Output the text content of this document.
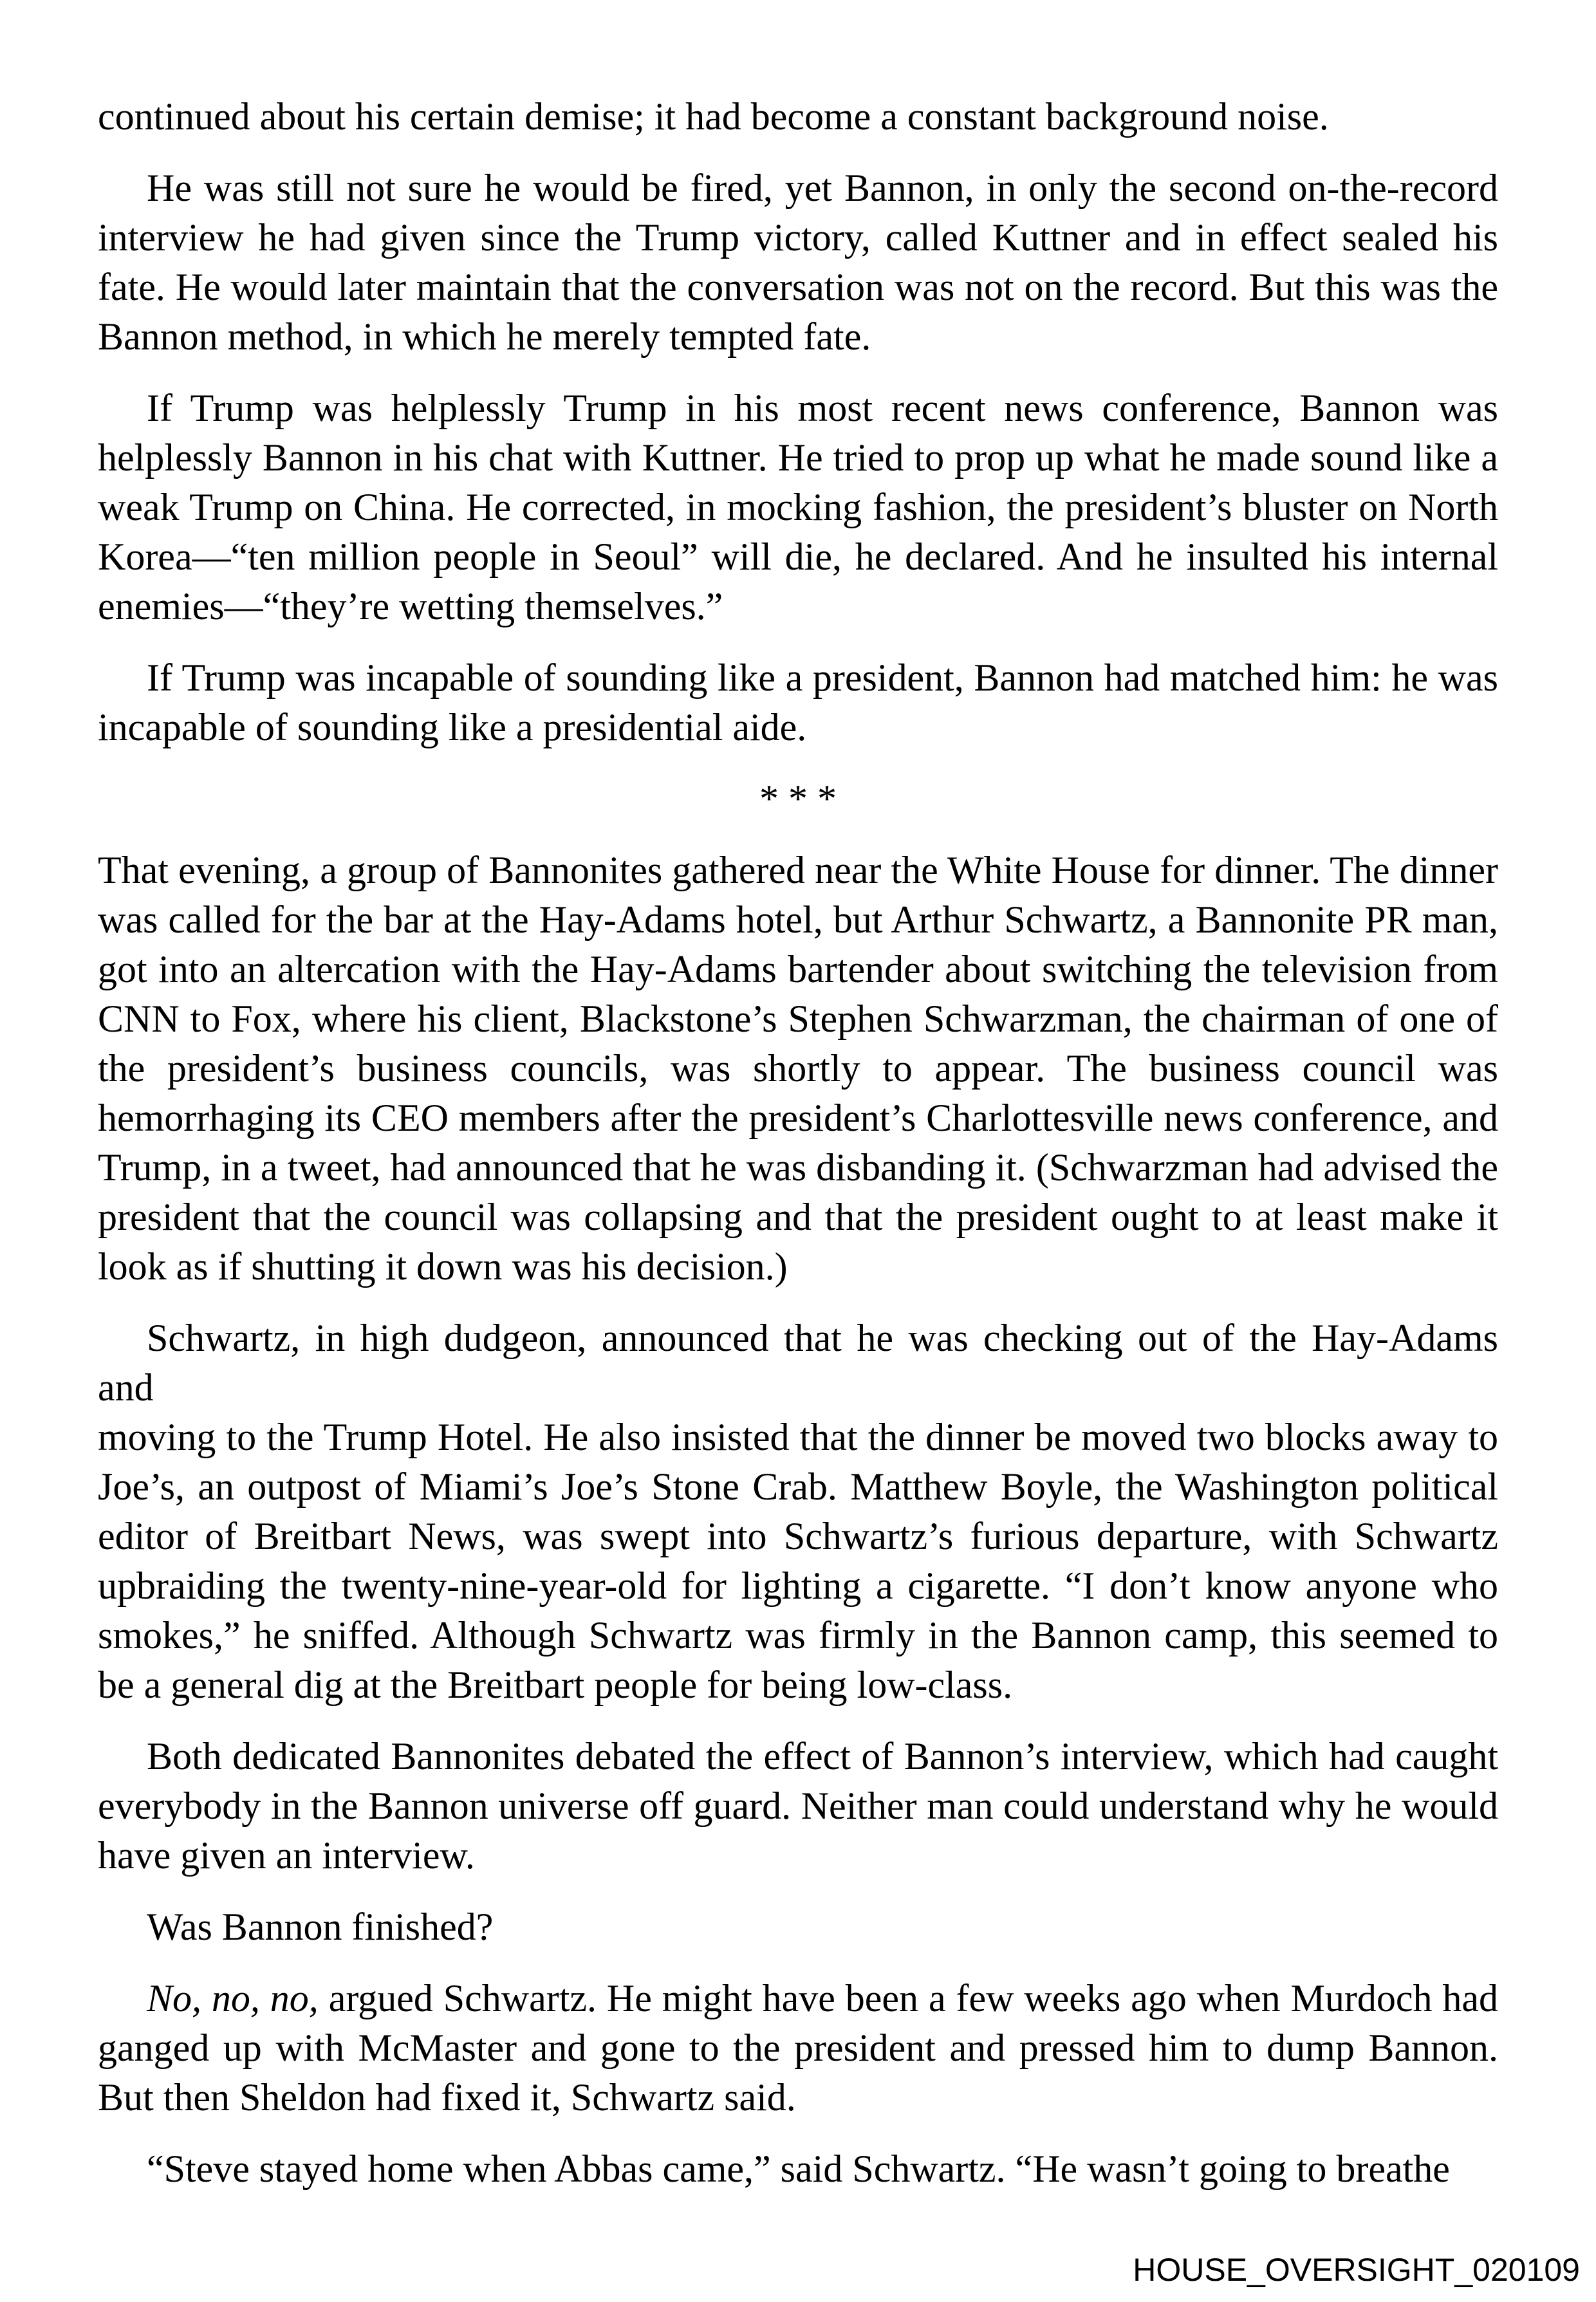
continued about his certain demise; it had become a constant background noise.
He was still not sure he would be fired, yet Bannon, in only the second on-the-record
interview he had given since the Trump victory, called Kuttner and in effect sealed his
fate. He would later maintain that the conversation was not on the record. But this was the
Bannon method, in which he merely tempted fate.
If Trump was helplessly Trump in his most recent news conference, Bannon was
helplessly Bannon in his chat with Kuttner. He tried to prop up what he made sound like a
weak Trump on China. He corrected, in mocking fashion, the president’s bluster on North
Korea—“ten million people in Seoul” will die, he declared. And he insulted his internal
enemies—“they’re wetting themselves.”
If Trump was incapable of sounding like a president, Bannon had matched him: he was
incapable of sounding like a presidential aide.
* * *
That evening, a group of Bannonites gathered near the White House for dinner. The dinner
was called for the bar at the Hay-Adams hotel, but Arthur Schwartz, a Bannonite PR man,
got into an altercation with the Hay-Adams bartender about switching the television from
CNN to Fox, where his client, Blackstone’s Stephen Schwarzman, the chairman of one of
the president’s business councils, was shortly to appear. The business council was
hemorrhaging its CEO members after the president’s Charlottesville news conference, and
Trump, in a tweet, had announced that he was disbanding it. (Schwarzman had advised the
president that the council was collapsing and that the president ought to at least make it
look as if shutting it down was his decision.)
Schwartz, in high dudgeon, announced that he was checking out of the Hay-Adams and
moving to the Trump Hotel. He also insisted that the dinner be moved two blocks away to
Joe’s, an outpost of Miami’s Joe’s Stone Crab. Matthew Boyle, the Washington political
editor of Breitbart News, was swept into Schwartz’s furious departure, with Schwartz
upbraiding the twenty-nine-year-old for lighting a cigarette. “I don’t know anyone who
smokes,” he sniffed. Although Schwartz was firmly in the Bannon camp, this seemed to
be a general dig at the Breitbart people for being low-class.
Both dedicated Bannonites debated the effect of Bannon’s interview, which had caught
everybody in the Bannon universe off guard. Neither man could understand why he would
have given an interview.
Was Bannon finished?
No, no, no, argued Schwartz. He might have been a few weeks ago when Murdoch had
ganged up with McMaster and gone to the president and pressed him to dump Bannon.
But then Sheldon had fixed it, Schwartz said.
“Steve stayed home when Abbas came,” said Schwartz. “He wasn’t going to breathe
HOUSE_OVERSIGHT_020109
